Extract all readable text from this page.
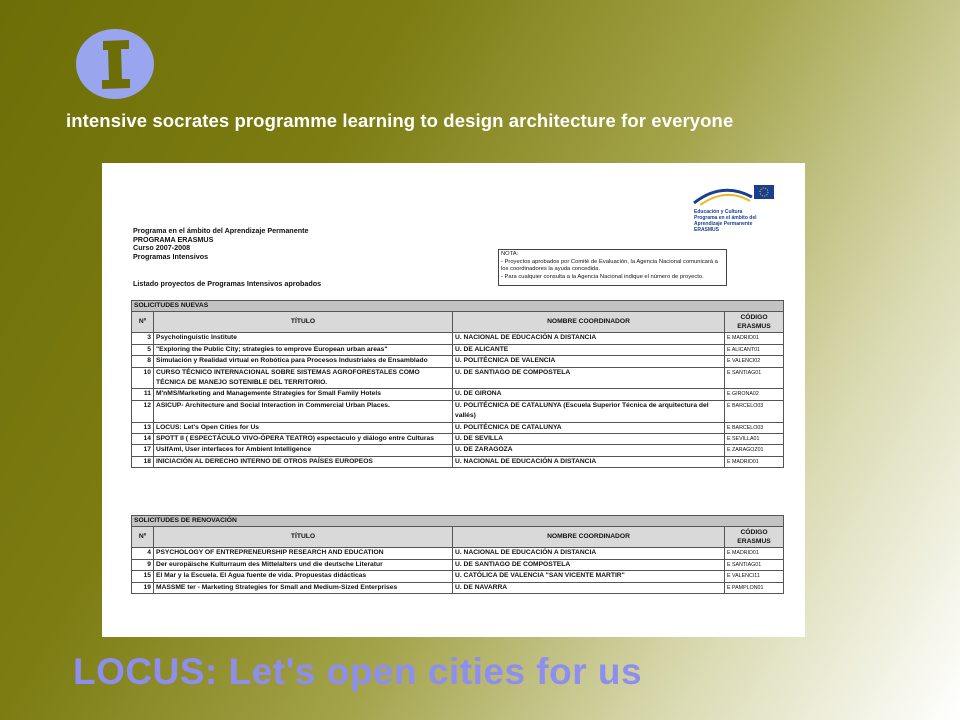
intensive socrates programme learning to design architecture for everyone
Educación y Cultura
Programa en el ámbito del
Aprendizaje Permanente
ERASMUS
Programa en el ámbito del Aprendizaje Permanente
PROGRAMA ERASMUS
Curso 2007-2008
Programas Intensivos
Listado proyectos de Programas Intensivos aprobados
NOTA:
- Proyectos aprobados por Comité de Evaluación, la Agencia Nacional comunicará a los coordinadores la ayuda concedida.
- Para cualquier consulta a la Agencia Nacional indique el número de proyecto.
SOLICITUDES NUEVAS			
Nº	TÍTULO	NOMBRE COORDINADOR	CÓDIGO ERASMUS
3	Psycholinguistic Institute	U. NACIONAL DE EDUCACIÓN A DISTANCIA	E MADRID01
5	"Exploring the Public City; strategies to emprove European urban areas"	U. DE ALICANTE	E ALICANT01
8	Simulación y Realidad virtual en Robótica para Procesos Industriales de Ensamblado	U. POLITÉCNICA DE VALENCIA	E VALENCI02
10	CURSO TÉCNICO INTERNACIONAL SOBRE SISTEMAS AGROFORESTALES COMO TÉCNICA DE MANEJO SOTENIBLE DEL TERRITORIO.	U. DE SANTIAGO DE COMPOSTELA	E SANTIAG01
11	M'nMS/Marketing and Managemente Strategies for Small Family Hotels	U. DE GIRONA	E GIRONA02
12	ASICUP- Architecture and Social Interaction in Commercial Urban Places.	U. POLITÉCNICA DE CATALUNYA (Escuela Superior Técnica de arquitectura del vallés)	E BARCELO03
13	LOCUS: Let's Open Cities for Us	U. POLITÉCNICA DE CATALUNYA	E BARCELO03
14	SPOTT II ( ESPECTÁCULO VIVO-ÓPERA TEATRO) espectaculo y diálogo entre Culturas	U. DE SEVILLA	E SEVILLA01
17	UsIfAml, User interfaces for Ambient Intelligence	U. DE ZARAGOZA	E ZARAGOZ01
18	INICIACIÓN AL DERECHO INTERNO DE OTROS PAÍSES EUROPEOS	U. NACIONAL DE EDUCACIÓN A DISTANCIA	E MADRID01
SOLICITUDES DE RENOVACIÓN			
Nº	TÍTULO	NOMBRE COORDINADOR	CÓDIGO ERASMUS
4	PSYCHOLOGY OF ENTREPRENEURSHIP RESEARCH AND EDUCATION	U. NACIONAL DE EDUCACIÓN A DISTANCIA	E MADRID01
9	Der europäische Kulturraum des Mittelalters und die deutsche Literatur	U. DE SANTIAGO DE COMPOSTELA	E SANTIAG01
15	El Mar y la Escuela. El Agua fuente de vida. Propuestas didácticas	U. CATÓLICA DE VALENCIA "SAN VICENTE MARTIR"	E VALENCI11
19	MASSME ter - Marketing Strategies for Small and Medium-Sized Enterprises	U. DE NAVARRA	E PAMPLON01
LOCUS: Let's open cities for us
